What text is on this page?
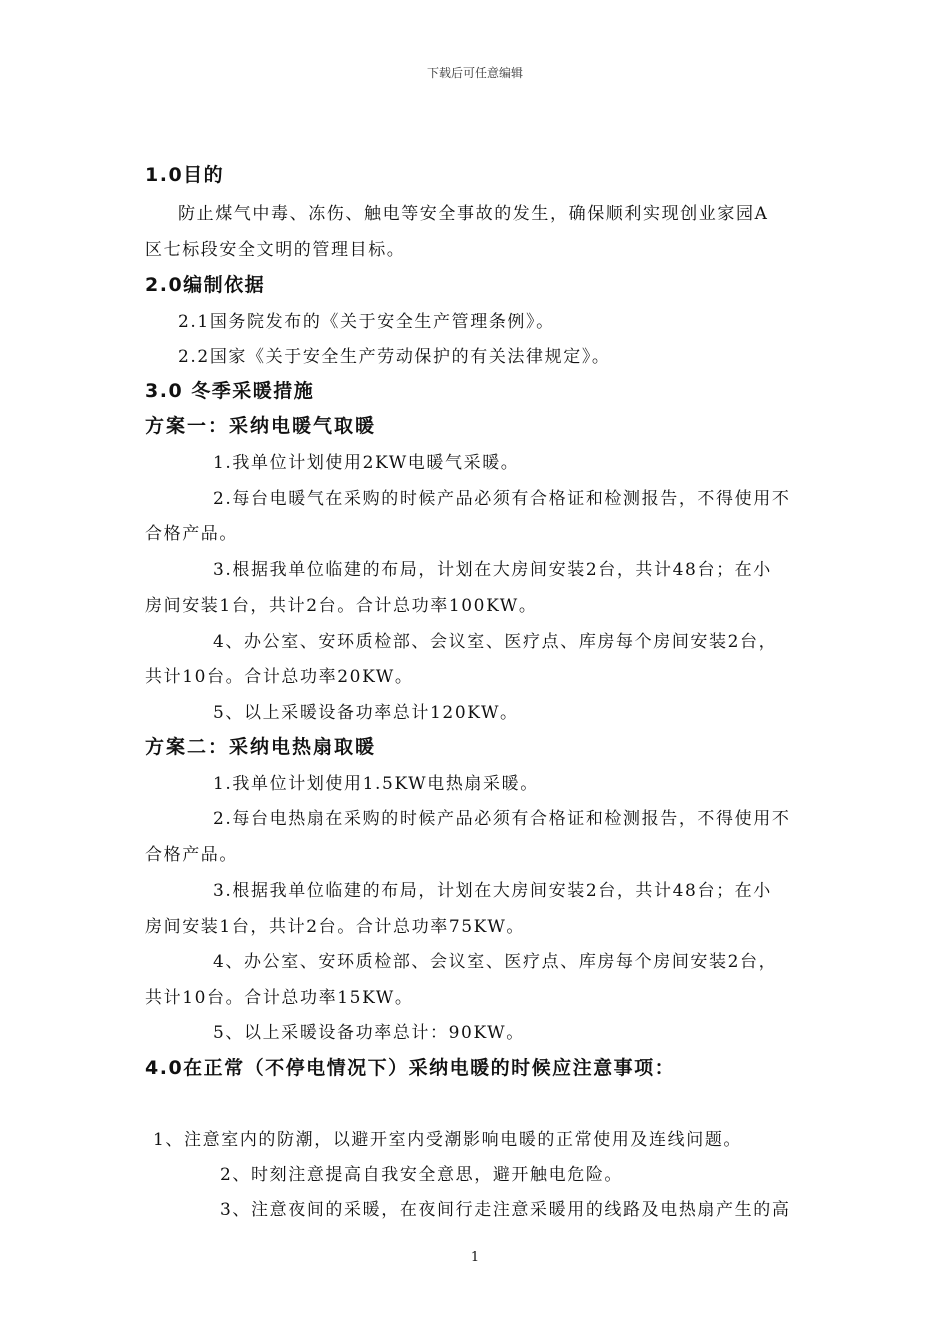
下载后可任意编辑
1.0目的
防止煤气中毒、冻伤、触电等安全事故的发生，确保顺利实现创业家园A
区七标段安全文明的管理目标。
2.0编制依据
2.1国务院发布的《关于安全生产管理条例》。
2.2国家《关于安全生产劳动保护的有关法律规定》。
3.0 冬季采暖措施
方案一：采纳电暖气取暖
1.我单位计划使用2KW电暖气采暖。
2.每台电暖气在采购的时候产品必须有合格证和检测报告，不得使用不
合格产品。
3.根据我单位临建的布局，计划在大房间安装2台，共计48台；在小
房间安装1台，共计2台。合计总功率100KW。
4、办公室、安环质检部、会议室、医疗点、库房每个房间安装2台，
共计10台。合计总功率20KW。
5、以上采暖设备功率总计120KW。
方案二：采纳电热扇取暖
1.我单位计划使用1.5KW电热扇采暖。
2.每台电热扇在采购的时候产品必须有合格证和检测报告，不得使用不
合格产品。
3.根据我单位临建的布局，计划在大房间安装2台，共计48台；在小
房间安装1台，共计2台。合计总功率75KW。
4、办公室、安环质检部、会议室、医疗点、库房每个房间安装2台，
共计10台。合计总功率15KW。
5、以上采暖设备功率总计：90KW。
4.0在正常（不停电情况下）采纳电暖的时候应注意事项：
1、注意室内的防潮，以避开室内受潮影响电暖的正常使用及连线问题。
2、时刻注意提高自我安全意思，避开触电危险。
3、注意夜间的采暖，在夜间行走注意采暖用的线路及电热扇产生的高
1
